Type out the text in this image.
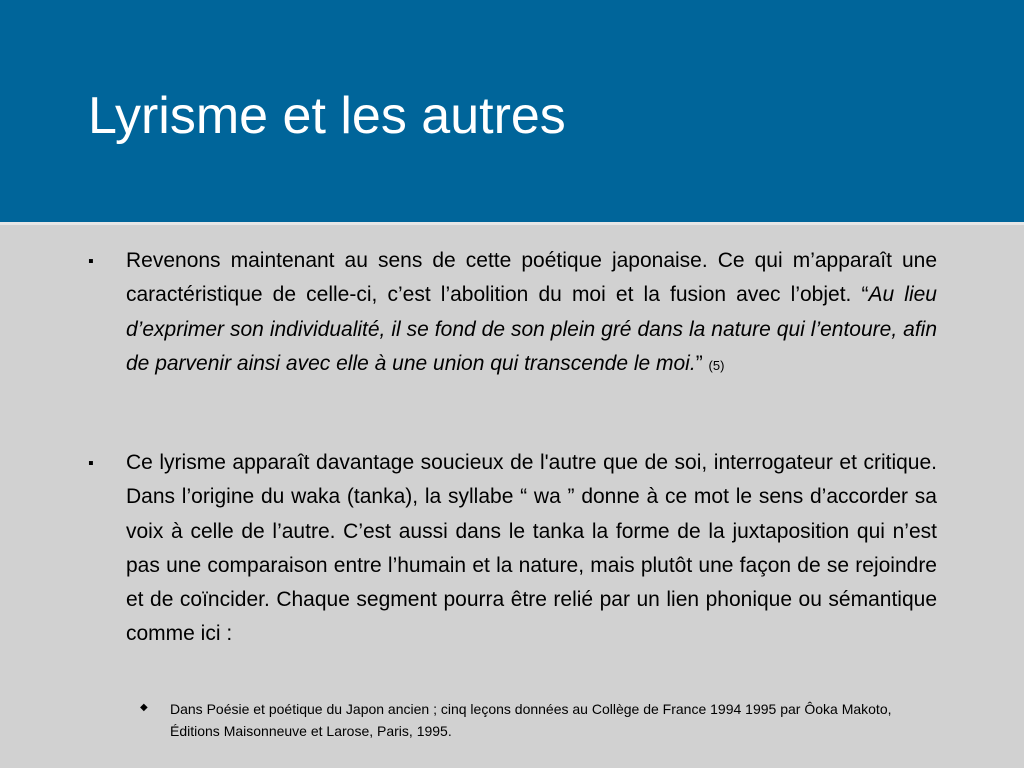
Lyrisme et les autres
▪ Revenons maintenant au sens de cette poétique japonaise. Ce qui m’apparaît une caractéristique de celle-ci, c’est l’abolition du moi et la fusion avec l’objet. “Au lieu d’exprimer son individualité, il se fond de son plein gré dans la nature qui l’entoure, afin de parvenir ainsi avec elle à une union qui transcende le moi.” (5)

▪ Ce lyrisme apparaît davantage soucieux de l'autre que de soi, interrogateur et critique. Dans l’origine du waka (tanka), la syllabe “ wa ” donne à ce mot le sens d’accorder sa voix à celle de l’autre. C’est aussi dans le tanka la forme de la juxtaposition qui n’est pas une comparaison entre l’humain et la nature, mais plutôt une façon de se rejoindre et de coïncider. Chaque segment pourra être relié par un lien phonique ou sémantique comme ici :

◆ Dans Poésie et poétique du Japon ancien ; cinq leçons données au Collège de France 1994 1995 par Ôoka Makoto, Éditions Maisonneuve et Larose, Paris, 1995.
